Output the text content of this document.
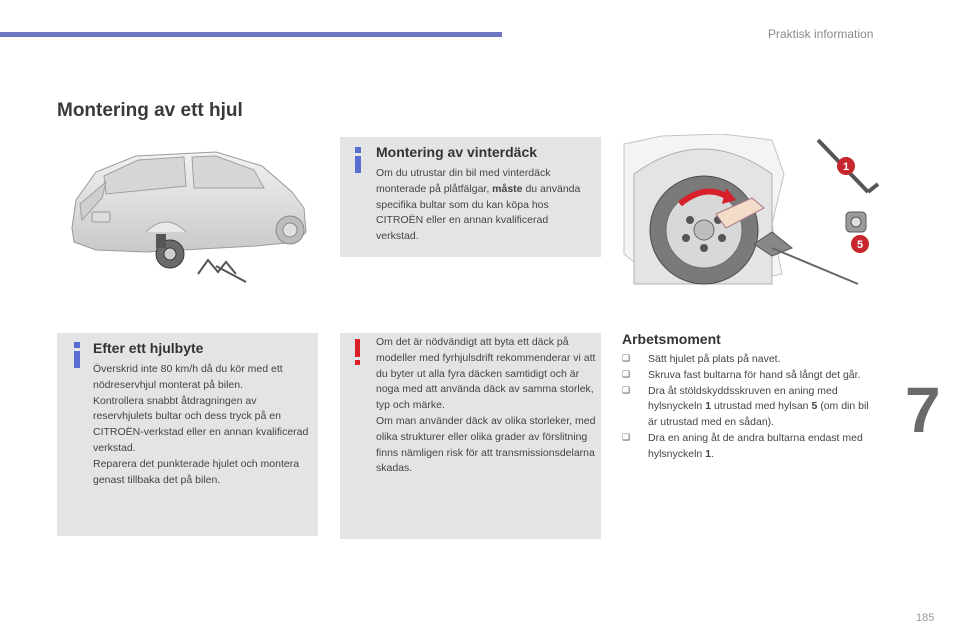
Praktisk information
Montering av ett hjul
Montering av vinterdäck
Om du utrustar din bil med vinterdäck monterade på plåtfälgar, måste du använda specifika bultar som du kan köpa hos CITROËN eller en annan kvalificerad verkstad.
1
5
Efter ett hjulbyte

Överskrid inte 80 km/h då du kör med ett nödreservhjul monterat på bilen.

Kontrollera snabbt åtdragningen av reservhjulets bultar och dess tryck på en CITROËN-verkstad eller en annan kvalificerad verkstad.

Reparera det punkterade hjulet och montera genast tillbaka det på bilen.

Om det är nödvändigt att byta ett däck på modeller med fyrhjulsdrift rekommenderar vi att du byter ut alla fyra däcken samtidigt och är noga med att använda däck av samma storlek, typ och märke.

Om man använder däck av olika storleker, med olika strukturer eller olika grader av förslitning finns nämligen risk för att transmissionsdelarna skadas.

Arbetsmoment
❑ Sätt hjulet på plats på navet.
❑ Skruva fast bultarna för hand så långt det går.
❑ Dra åt stöldskyddsskruven en aning med hylsnyckeln 1 utrustad med hylsan 5 (om din bil är utrustad med en sådan).
❑ Dra en aning åt de andra bultarna endast med hylsnyckeln 1.
7
185
